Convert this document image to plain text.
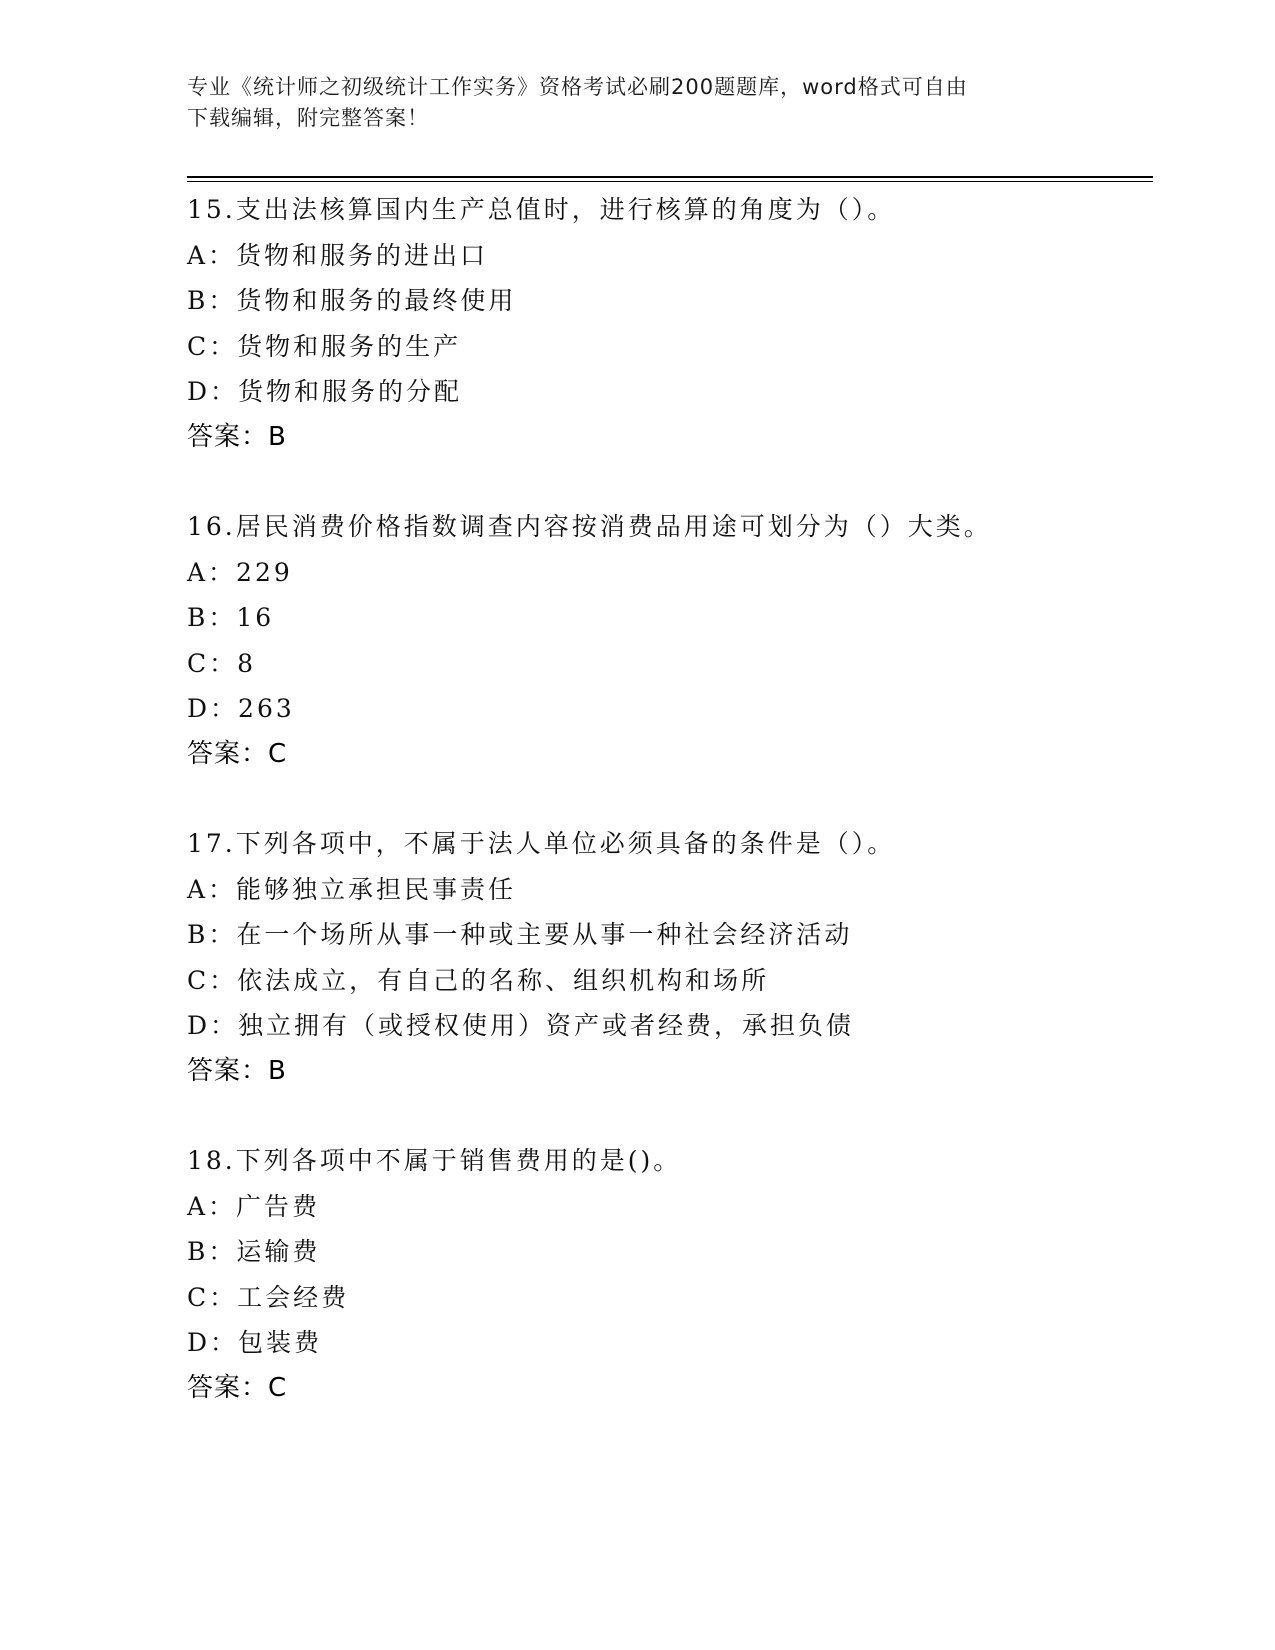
专业《统计师之初级统计工作实务》资格考试必刷200题题库，word格式可自由
下载编辑，附完整答案！
15.支出法核算国内生产总值时，进行核算的角度为（）。
A：货物和服务的进出口
B：货物和服务的最终使用
C：货物和服务的生产
D：货物和服务的分配
答案：B
16.居民消费价格指数调查内容按消费品用途可划分为（）大类。
A：229
B：16
C：8
D：263
答案：C
17.下列各项中，不属于法人单位必须具备的条件是（）。
A：能够独立承担民事责任
B：在一个场所从事一种或主要从事一种社会经济活动
C：依法成立，有自己的名称、组织机构和场所
D：独立拥有（或授权使用）资产或者经费，承担负债
答案：B
18.下列各项中不属于销售费用的是()。
A：广告费
B：运输费
C：工会经费
D：包装费
答案：C
